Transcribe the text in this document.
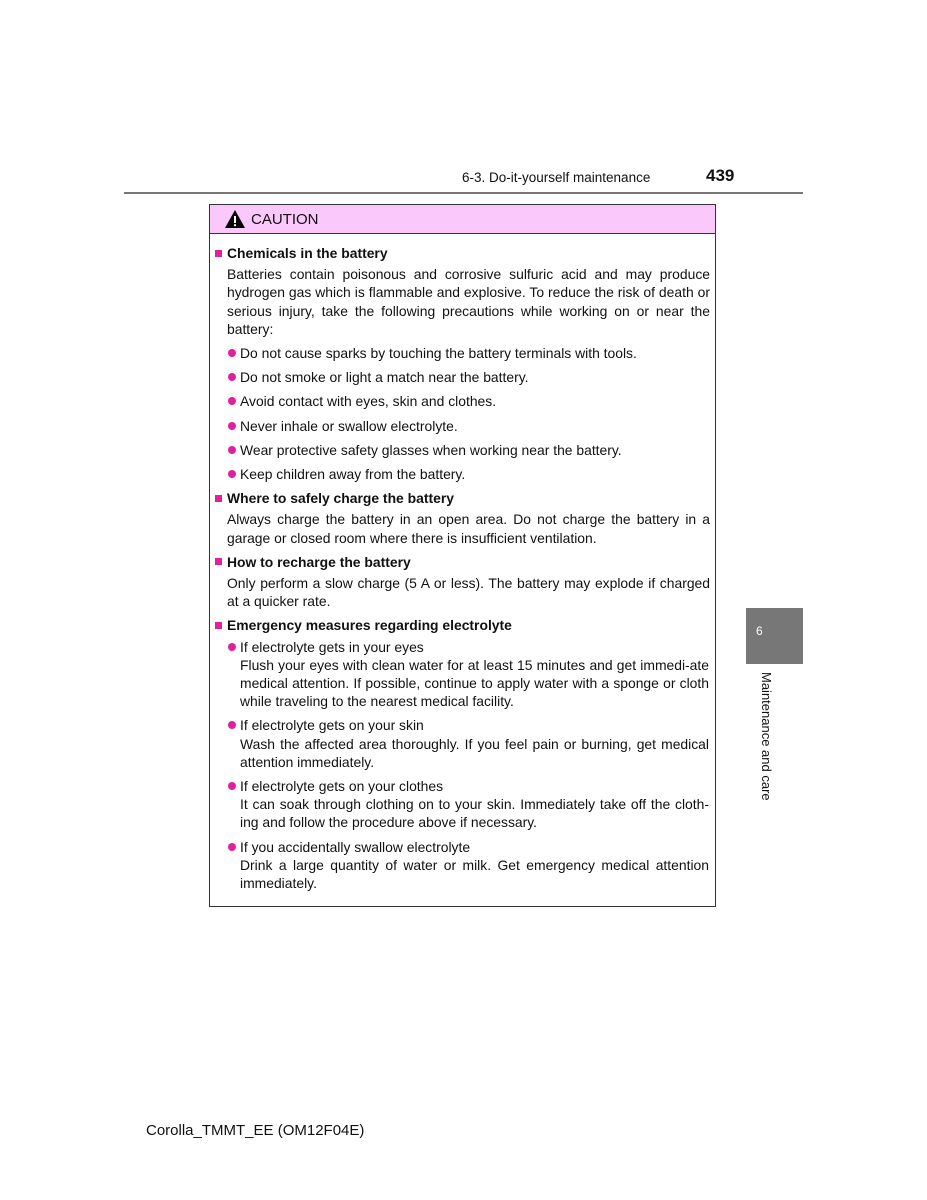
6-3. Do-it-yourself maintenance	439
CAUTION
Chemicals in the battery
Batteries contain poisonous and corrosive sulfuric acid and may produce hydrogen gas which is flammable and explosive. To reduce the risk of death or serious injury, take the following precautions while working on or near the battery:
Do not cause sparks by touching the battery terminals with tools.
Do not smoke or light a match near the battery.
Avoid contact with eyes, skin and clothes.
Never inhale or swallow electrolyte.
Wear protective safety glasses when working near the battery.
Keep children away from the battery.
Where to safely charge the battery
Always charge the battery in an open area. Do not charge the battery in a garage or closed room where there is insufficient ventilation.
How to recharge the battery
Only perform a slow charge (5 A or less). The battery may explode if charged at a quicker rate.
Emergency measures regarding electrolyte
If electrolyte gets in your eyes
Flush your eyes with clean water for at least 15 minutes and get immedi-ate medical attention. If possible, continue to apply water with a sponge or cloth while traveling to the nearest medical facility.
If electrolyte gets on your skin
Wash the affected area thoroughly. If you feel pain or burning, get medical attention immediately.
If electrolyte gets on your clothes
It can soak through clothing on to your skin. Immediately take off the cloth-ing and follow the procedure above if necessary.
If you accidentally swallow electrolyte
Drink a large quantity of water or milk. Get emergency medical attention immediately.
6
Maintenance and care
Corolla_TMMT_EE (OM12F04E)
